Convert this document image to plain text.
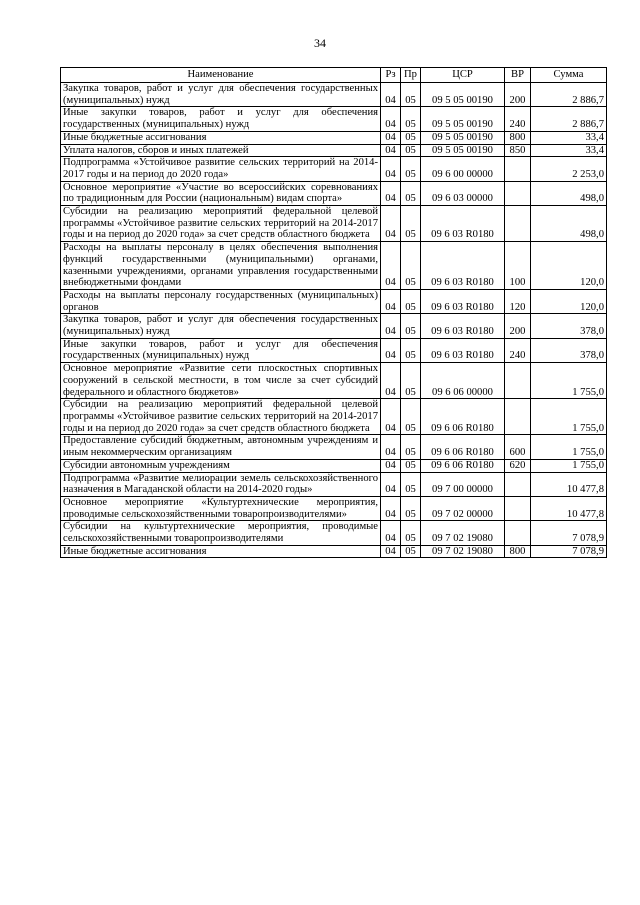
34
Наименование	Рз	Пр	ЦСР	ВР	Сумма
Закупка товаров, работ и услуг для обеспечения государственных (муниципальных) нужд	04	05	09 5 05 00190	200	2 886,7
Иные закупки товаров, работ и услуг для обеспечения государственных (муниципальных) нужд	04	05	09 5 05 00190	240	2 886,7
Иные бюджетные ассигнования	04	05	09 5 05 00190	800	33,4
Уплата налогов, сборов и иных платежей	04	05	09 5 05 00190	850	33,4
Подпрограмма «Устойчивое развитие сельских территорий на 2014-2017 годы и на период до 2020 года»	04	05	09 6 00 00000		2 253,0
Основное мероприятие «Участие во всероссийских соревнованиях по традиционным для России (национальным) видам спорта»	04	05	09 6 03 00000		498,0
Субсидии на реализацию мероприятий федеральной целевой программы «Устойчивое развитие сельских территорий на 2014-2017 годы и на период до 2020 года» за счет средств областного бюджета	04	05	09 6 03 R0180		498,0
Расходы на выплаты персоналу в целях обеспечения выполнения функций государственными (муниципальными) органами, казенными учреждениями, органами управления государственными внебюджетными фондами	04	05	09 6 03 R0180	100	120,0
Расходы на выплаты персоналу государственных (муниципальных) органов	04	05	09 6 03 R0180	120	120,0
Закупка товаров, работ и услуг для обеспечения государственных (муниципальных) нужд	04	05	09 6 03 R0180	200	378,0
Иные закупки товаров, работ и услуг для обеспечения государственных (муниципальных) нужд	04	05	09 6 03 R0180	240	378,0
Основное мероприятие «Развитие сети плоскостных спортивных сооружений в сельской местности, в том числе за счет субсидий федерального и областного бюджетов»	04	05	09 6 06 00000		1 755,0
Субсидии на реализацию мероприятий федеральной целевой программы «Устойчивое развитие сельских территорий на 2014-2017 годы и на период до 2020 года» за счет средств областного бюджета	04	05	09 6 06 R0180		1 755,0
Предоставление субсидий бюджетным, автономным учреждениям и иным некоммерческим организациям	04	05	09 6 06 R0180	600	1 755,0
Субсидии автономным учреждениям	04	05	09 6 06 R0180	620	1 755,0
Подпрограмма «Развитие мелиорации земель сельскохозяйственного назначения в Магаданской области на 2014-2020 годы»	04	05	09 7 00 00000		10 477,8
Основное мероприятие «Культуртехнические мероприятия, проводимые сельскохозяйственными товаропроизводителями»	04	05	09 7 02 00000		10 477,8
Субсидии на культуртехнические мероприятия, проводимые сельскохозяйственными товаропроизводителями	04	05	09 7 02 19080		7 078,9
Иные бюджетные ассигнования	04	05	09 7 02 19080	800	7 078,9
